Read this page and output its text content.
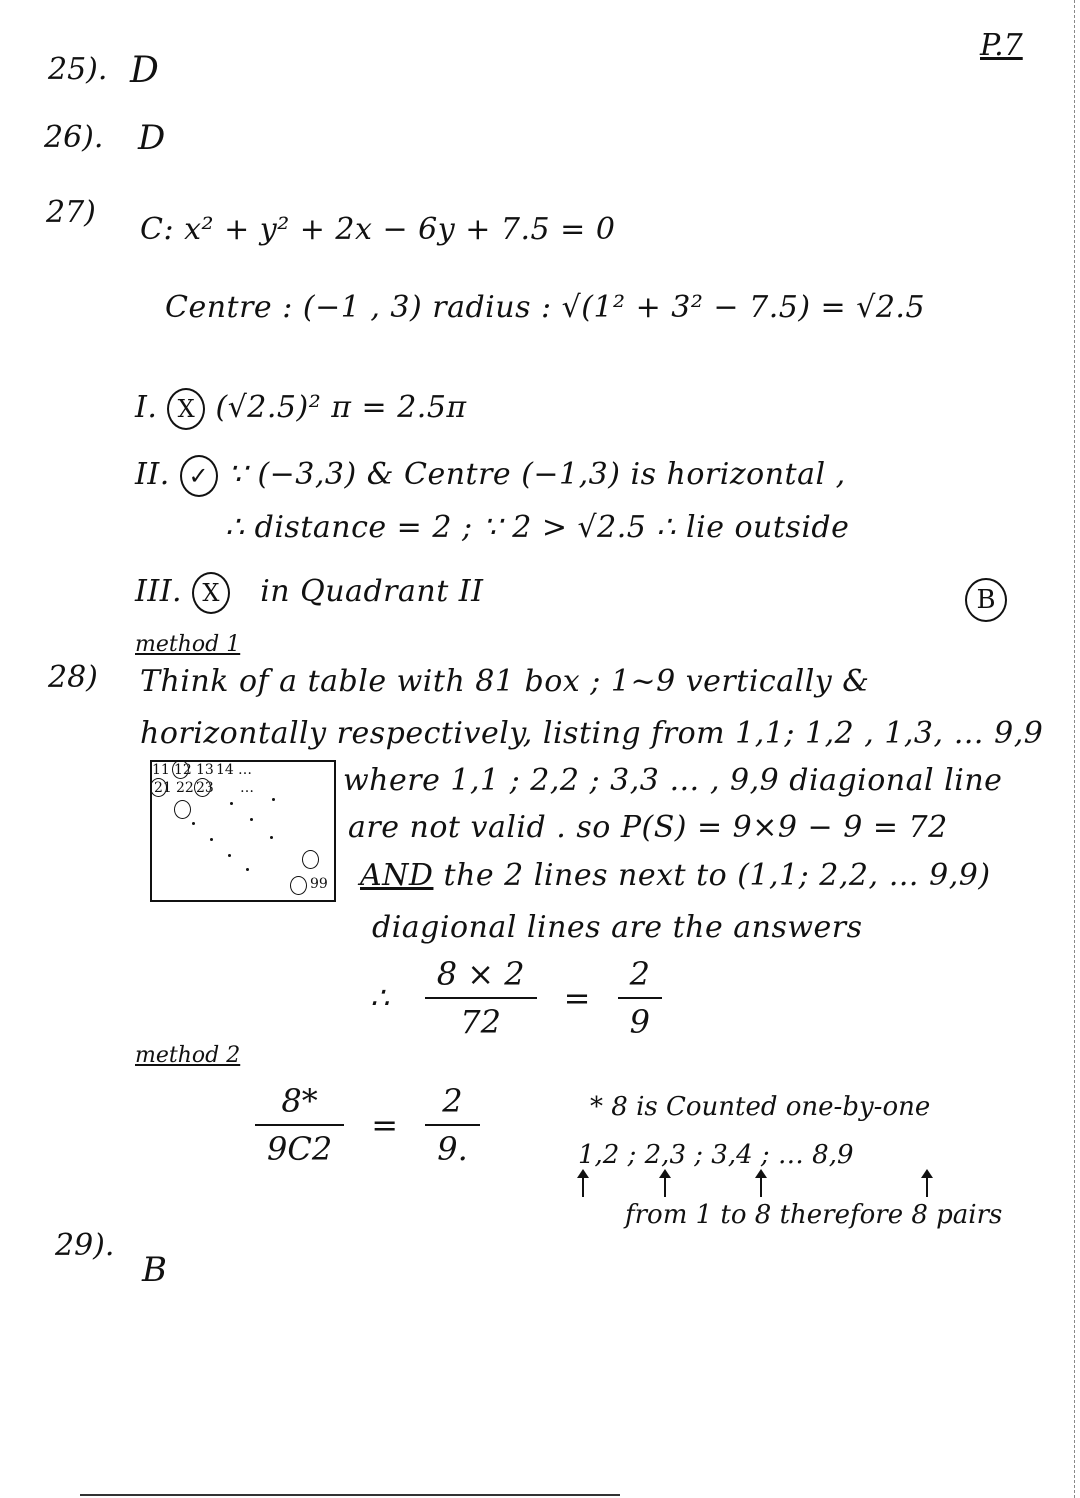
P.7
25). D
26). D
27) C: x² + y² + 2x − 6y + 7.5 = 0
Centre : (−1 , 3) radius : √(1² + 3² − 7.5) = √2.5
I. X (√2.5)² π = 2.5π
II. ✓ ∵ (−3,3) & Centre (−1,3) is horizontal ,
∴ distance = 2 ; ∵ 2 > √2.5 ∴ lie outside
III. X in Quadrant II	B
28)
method 1
Think of a table with 81 box ; 1~9 vertically &
horizontally respectively, listing from 1,1; 1,2 , 1,3, … 9,9
11 12 13 14 …
21 22 23 …
99
where 1,1 ; 2,2 ; 3,3 … , 9,9 diagional line
are not valid . so P(S) = 9×9 − 9 = 72
AND the 2 lines next to (1,1; 2,2, … 9,9)
diagional lines are the answers
∴ $\frac{8 \times 2}{72} = \frac{2}{9}$
method 2
$\frac{8*}{9C2} = \frac{2}{9.}$	* 8 is Counted one-by-one
1,2 ; 2,3 ; 3,4 ; … 8,9
from 1 to 8 therefore 8 pairs
29).
B
